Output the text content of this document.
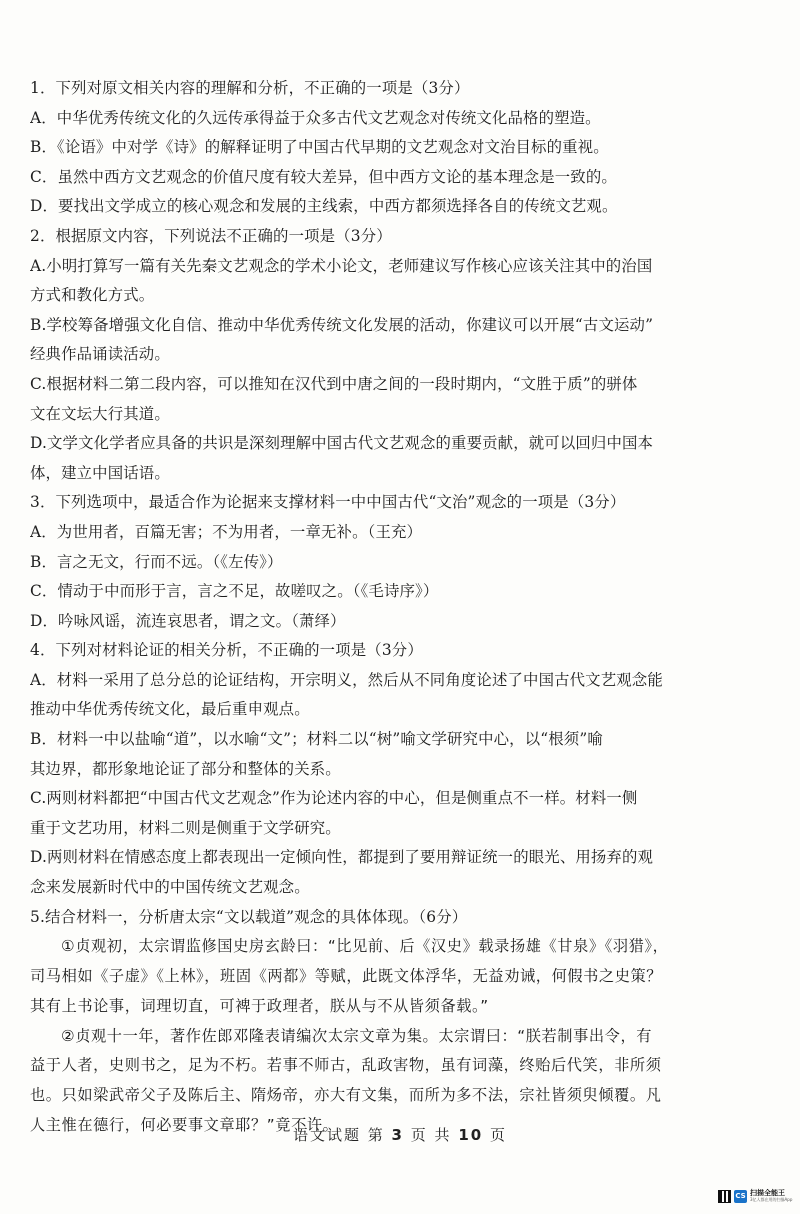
1．下列对原文相关内容的理解和分析，不正确的一项是（3分）
A．中华优秀传统文化的久远传承得益于众多古代文艺观念对传统文化品格的塑造。
B．《论语》中对学《诗》的解释证明了中国古代早期的文艺观念对文治目标的重视。
C．虽然中西方文艺观念的价值尺度有较大差异，但中西方文论的基本理念是一致的。
D．要找出文学成立的核心观念和发展的主线索，中西方都须选择各自的传统文艺观。
2．根据原文内容，下列说法不正确的一项是（3分）
A.小明打算写一篇有关先秦文艺观念的学术小论文，老师建议写作核心应该关注其中的治国
方式和教化方式。
B.学校筹备增强文化自信、推动中华优秀传统文化发展的活动，你建议可以开展“古文运动”
经典作品诵读活动。
C.根据材料二第二段内容，可以推知在汉代到中唐之间的一段时期内，“文胜于质”的骈体
文在文坛大行其道。
D.文学文化学者应具备的共识是深刻理解中国古代文艺观念的重要贡献，就可以回归中国本
体，建立中国话语。
3．下列选项中，最适合作为论据来支撑材料一中中国古代“文治”观念的一项是（3分）
A．为世用者，百篇无害；不为用者，一章无补。（王充）
B．言之无文，行而不远。（《左传》）
C．情动于中而形于言，言之不足，故嗟叹之。（《毛诗序》）
D．吟咏风谣，流连哀思者，谓之文。（萧绎）
4．下列对材料论证的相关分析，不正确的一项是（3分）
A．材料一采用了总分总的论证结构，开宗明义，然后从不同角度论述了中国古代文艺观念能
推动中华优秀传统文化，最后重申观点。
B．材料一中以盐喻“道”，以水喻“文”；材料二以“树”喻文学研究中心，以“根须”喻
其边界，都形象地论证了部分和整体的关系。
C.两则材料都把“中国古代文艺观念”作为论述内容的中心，但是侧重点不一样。材料一侧
重于文艺功用，材料二则是侧重于文学研究。
D.两则材料在情感态度上都表现出一定倾向性，都提到了要用辩证统一的眼光、用扬弃的观
念来发展新时代中的中国传统文艺观念。
5.结合材料一，分析唐太宗“文以载道”观念的具体体现。（6分）
①贞观初，太宗谓监修国史房玄龄曰：“比见前、后《汉史》载录扬雄《甘泉》《羽猎》，
司马相如《子虚》《上林》，班固《两都》等赋，此既文体浮华，无益劝诫，何假书之史策？
其有上书论事，词理切直，可裨于政理者，朕从与不从皆须备载。”
②贞观十一年，著作佐郎邓隆表请编次太宗文章为集。太宗谓曰：“朕若制事出令，有
益于人者，史则书之，足为不朽。若事不师古，乱政害物，虽有词藻，终贻后代笑，非所须
也。只如梁武帝父子及陈后主、隋炀帝，亦大有文集，而所为多不法，宗社皆须臾倾覆。凡
人主惟在德行，何必要事文章耶？”竟不许。
语文试题 第 3 页 共 10 页
CS 扫描全能王
3亿人都在用的扫描App
